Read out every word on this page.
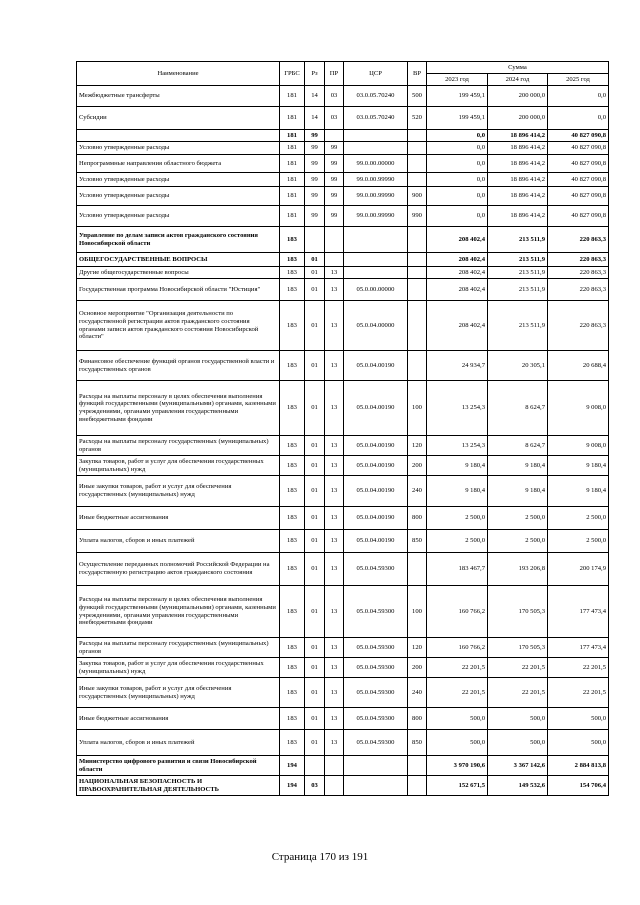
Наименование	ГРБС	Рз	ПР	ЦСР	ВР	Сумма		
						2023 год	2024 год	2025 год
Межбюджетные трансферты	181	14	03	03.0.05.70240	500	199 459,1	200 000,0	0,0
Субсидии	181	14	03	03.0.05.70240	520	199 459,1	200 000,0	0,0
	181	99				0,0	18 896 414,2	40 827 090,8
Условно утвержденные расходы	181	99	99			0,0	18 896 414,2	40 827 090,8
Непрограммные направления областного бюджета	181	99	99	99.0.00.00000		0,0	18 896 414,2	40 827 090,8
Условно утвержденные расходы	181	99	99	99.0.00.99990		0,0	18 896 414,2	40 827 090,8
Условно утвержденные расходы	181	99	99	99.0.00.99990	900	0,0	18 896 414,2	40 827 090,8
Условно утвержденные расходы	181	99	99	99.0.00.99990	990	0,0	18 896 414,2	40 827 090,8
Управление по делам записи актов гражданского состояния Новосибирской области	183					208 402,4	213 511,9	220 863,3
ОБЩЕГОСУДАРСТВЕННЫЕ ВОПРОСЫ	183	01				208 402,4	213 511,9	220 863,3
Другие общегосударственные вопросы	183	01	13			208 402,4	213 511,9	220 863,3
Государственная программа Новосибирской области "Юстиция"	183	01	13	05.0.00.00000		208 402,4	213 511,9	220 863,3
Основное мероприятие "Организация деятельности по государственной регистрации актов гражданского состояния органами записи актов гражданского состояния Новосибирской области"	183	01	13	05.0.04.00000		208 402,4	213 511,9	220 863,3
Финансовое обеспечение функций органов государственной власти и государственных органов	183	01	13	05.0.04.00190		24 934,7	20 305,1	20 688,4
Расходы на выплаты персоналу в целях обеспечения выполнения функций государственными (муниципальными) органами, казенными учреждениями, органами управления государственными внебюджетными фондами	183	01	13	05.0.04.00190	100	13 254,3	8 624,7	9 008,0
Расходы на выплаты персоналу государственных (муниципальных) органов	183	01	13	05.0.04.00190	120	13 254,3	8 624,7	9 008,0
Закупка товаров, работ и услуг для обеспечения государственных (муниципальных) нужд	183	01	13	05.0.04.00190	200	9 180,4	9 180,4	9 180,4
Иные закупки товаров, работ и услуг для обеспечения государственных (муниципальных) нужд	183	01	13	05.0.04.00190	240	9 180,4	9 180,4	9 180,4
Иные бюджетные ассигнования	183	01	13	05.0.04.00190	800	2 500,0	2 500,0	2 500,0
Уплата налогов, сборов и иных платежей	183	01	13	05.0.04.00190	850	2 500,0	2 500,0	2 500,0
Осуществление переданных полномочий Российской Федерации на государственную регистрацию актов гражданского состояния	183	01	13	05.0.04.59300		183 467,7	193 206,8	200 174,9
Расходы на выплаты персоналу в целях обеспечения выполнения функций государственными (муниципальными) органами, казенными учреждениями, органами управления государственными внебюджетными фондами	183	01	13	05.0.04.59300	100	160 766,2	170 505,3	177 473,4
Расходы на выплаты персоналу государственных (муниципальных) органов	183	01	13	05.0.04.59300	120	160 766,2	170 505,3	177 473,4
Закупка товаров, работ и услуг для обеспечения государственных (муниципальных) нужд	183	01	13	05.0.04.59300	200	22 201,5	22 201,5	22 201,5
Иные закупки товаров, работ и услуг для обеспечения государственных (муниципальных) нужд	183	01	13	05.0.04.59300	240	22 201,5	22 201,5	22 201,5
Иные бюджетные ассигнования	183	01	13	05.0.04.59300	800	500,0	500,0	500,0
Уплата налогов, сборов и иных платежей	183	01	13	05.0.04.59300	850	500,0	500,0	500,0
Министерство цифрового развития и связи Новосибирской области	194					3 970 190,6	3 367 142,6	2 884 813,8
НАЦИОНАЛЬНАЯ БЕЗОПАСНОСТЬ И ПРАВООХРАНИТЕЛЬНАЯ ДЕЯТЕЛЬНОСТЬ	194	03				152 671,5	149 532,6	154 706,4
Страница 170 из 191
